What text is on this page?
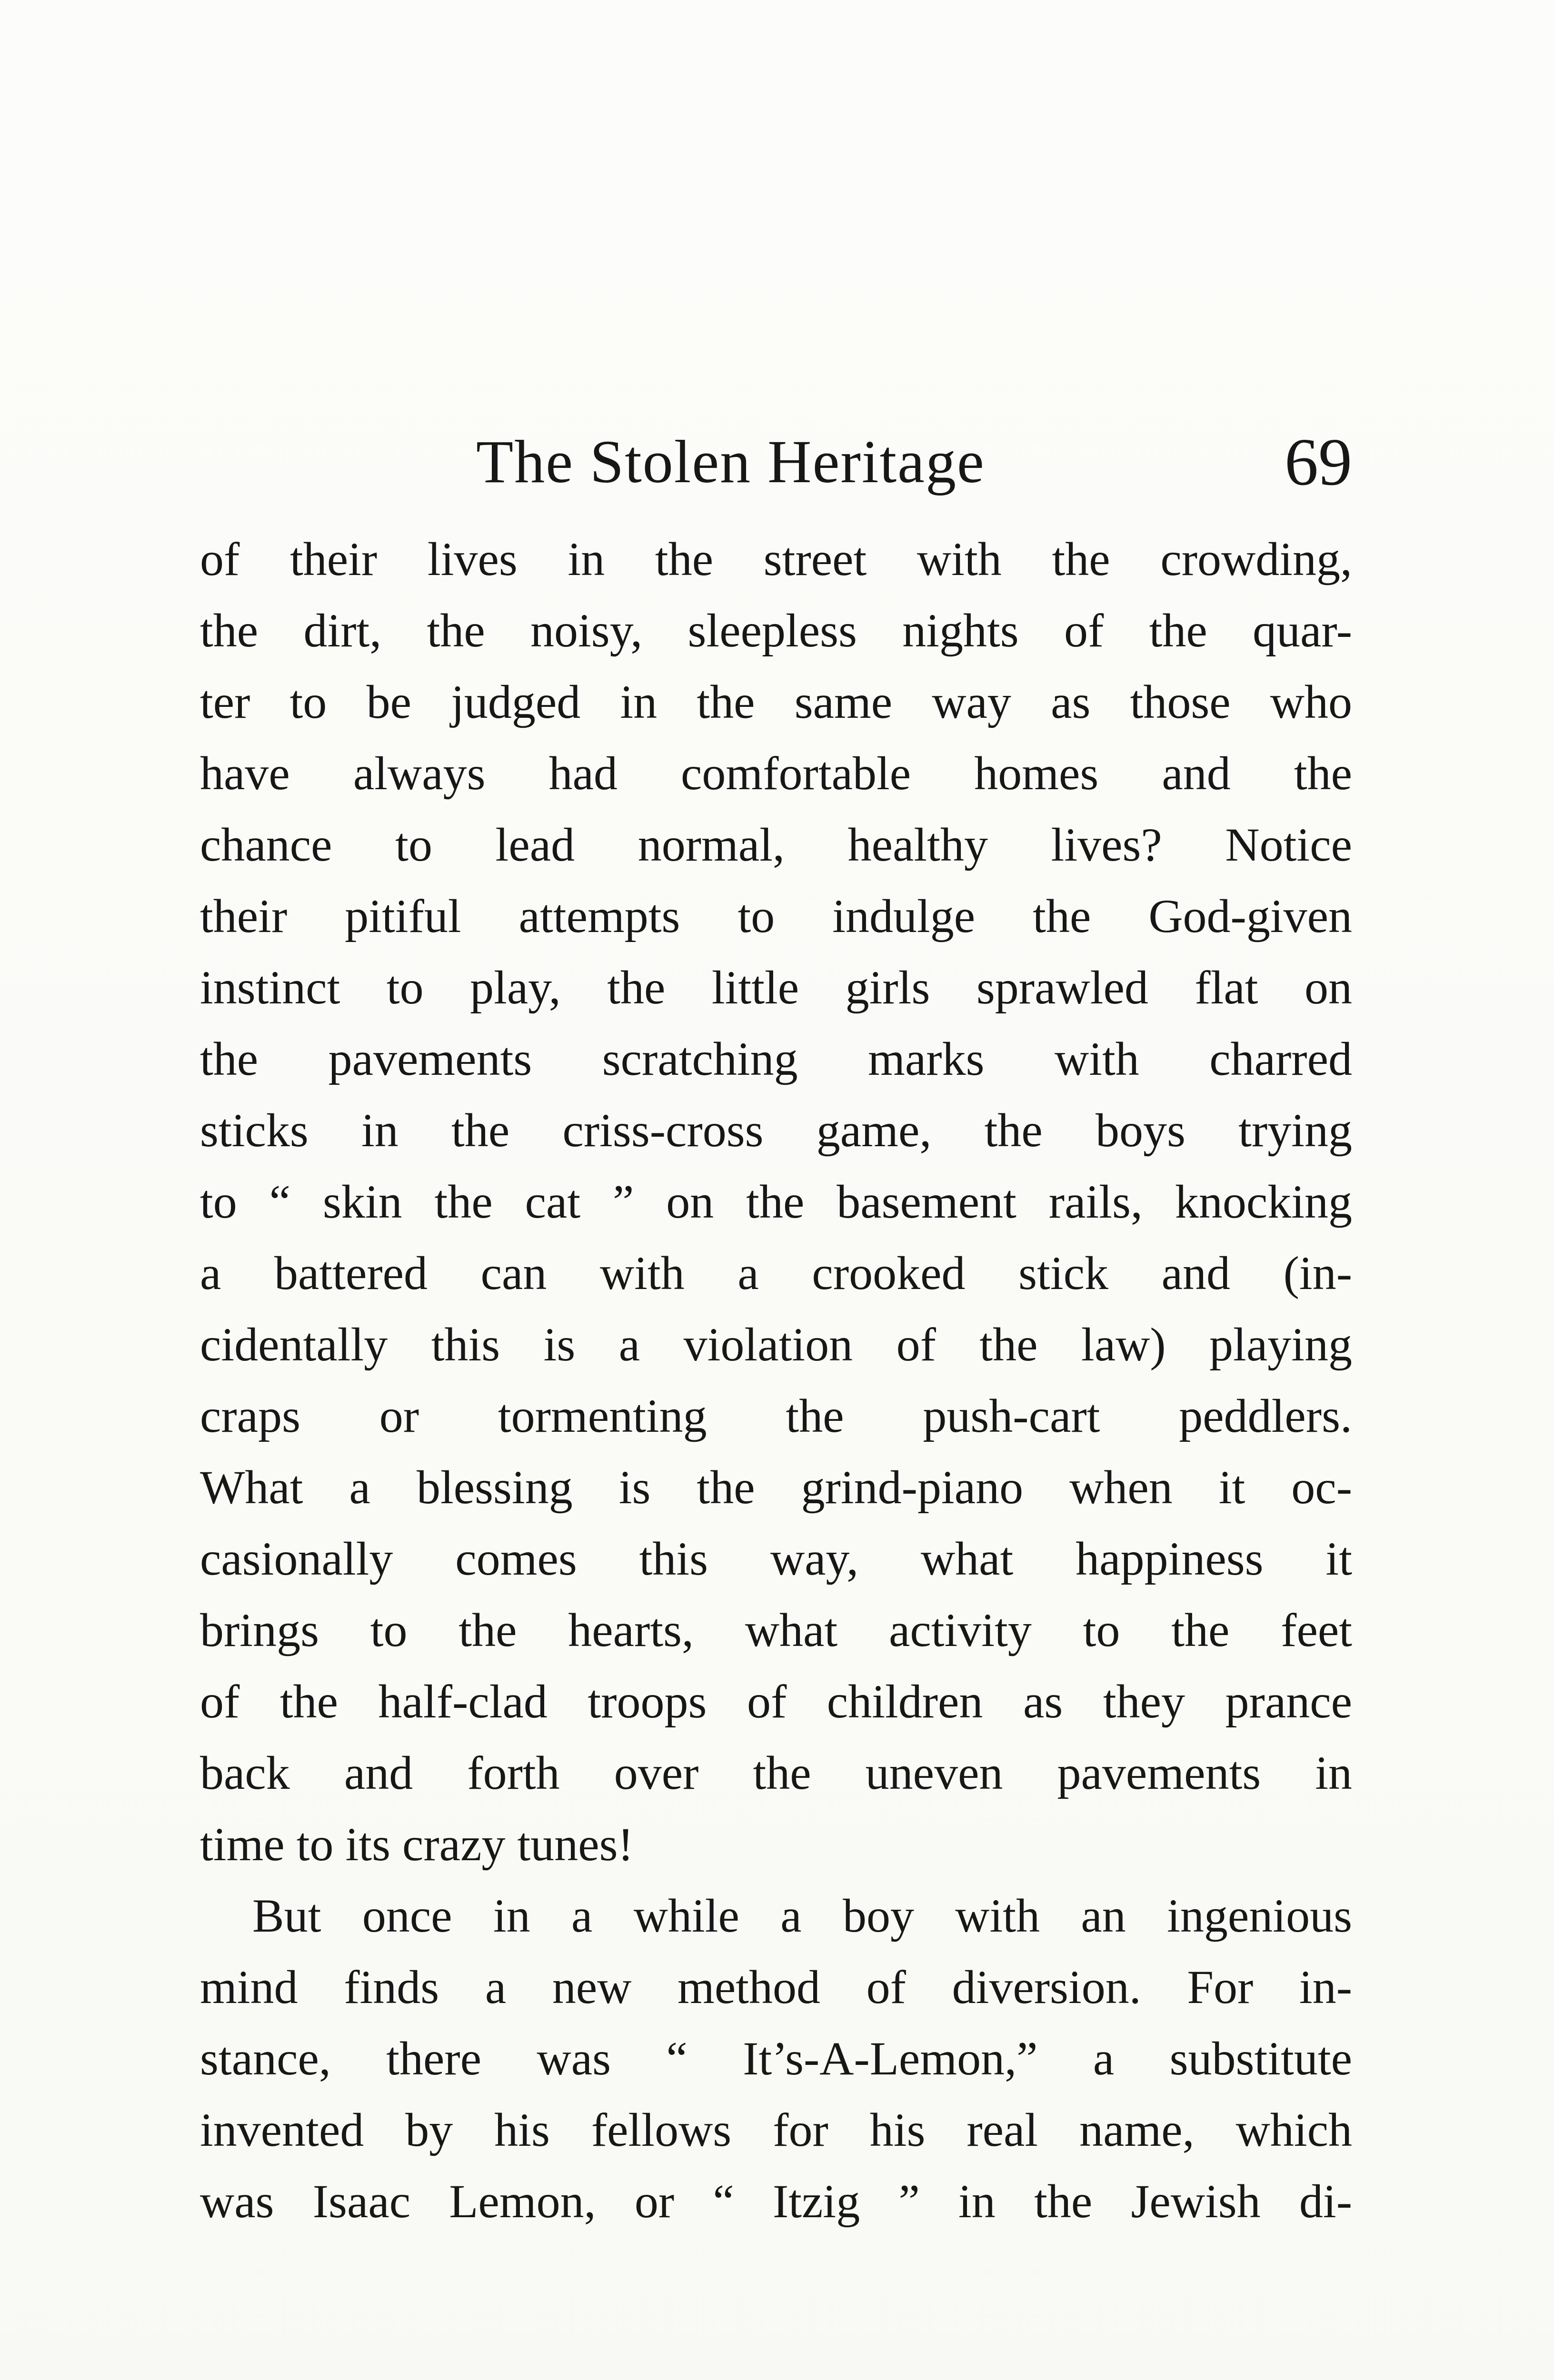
The Stolen Heritage	69
of their lives in the street with the crowding,
the dirt, the noisy, sleepless nights of the quar-
ter to be judged in the same way as those who
have always had comfortable homes and the
chance to lead normal, healthy lives? Notice
their pitiful attempts to indulge the God-given
instinct to play, the little girls sprawled flat on
the pavements scratching marks with charred
sticks in the criss-cross game, the boys trying
to “ skin the cat ” on the basement rails, knocking
a battered can with a crooked stick and (in-
cidentally this is a violation of the law) playing
craps or tormenting the push-cart peddlers.
What a blessing is the grind-piano when it oc-
casionally comes this way, what happiness it
brings to the hearts, what activity to the feet
of the half-clad troops of children as they prance
back and forth over the uneven pavements in
time to its crazy tunes!
But once in a while a boy with an ingenious
mind finds a new method of diversion. For in-
stance, there was “ It’s-A-Lemon,” a substitute
invented by his fellows for his real name, which
was Isaac Lemon, or “ Itzig ” in the Jewish di-
